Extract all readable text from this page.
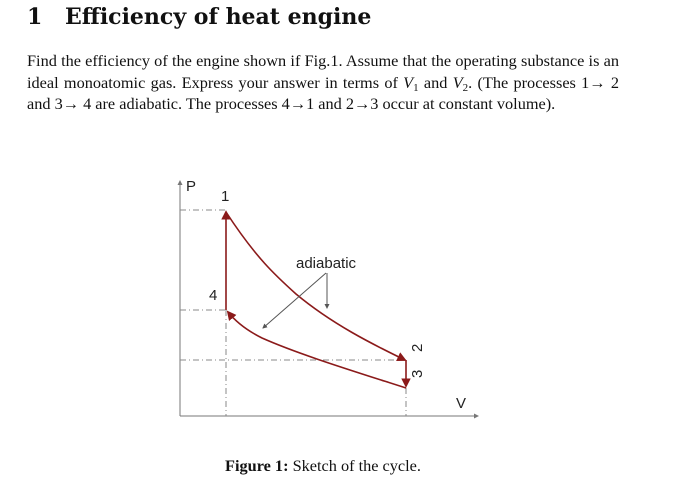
1 Efficiency of heat engine
Find the efficiency of the engine shown if Fig.1. Assume that the operating substance is an ideal monoatomic gas. Express your answer in terms of $V_1$ and $V_2$. (The processes 1→ 2 and 3→ 4 are adiabatic. The processes 4→1 and 2→3 occur at constant volume).
P
V
1
4
adiabatic
2
3
Figure 1: Sketch of the cycle.
